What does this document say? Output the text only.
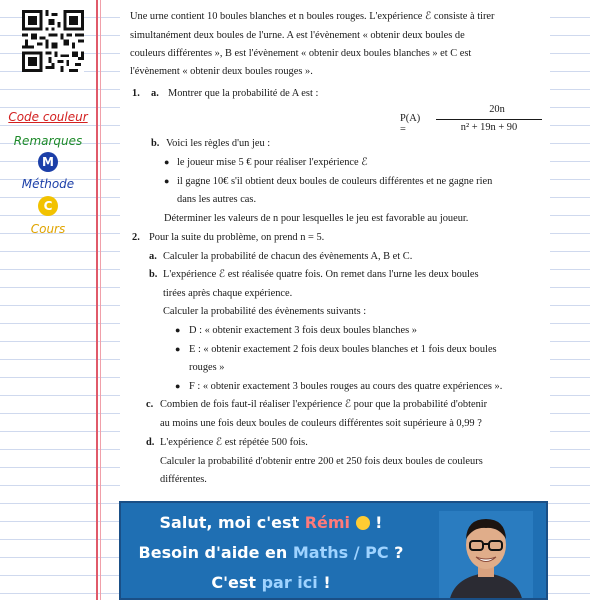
Code couleur
Remarques
M
Méthode
C
Cours
Une urne contient 10 boules blanches et n boules rouges. L'expérience ℰ consiste à tirer
simultanément deux boules de l'urne. A est l'évènement « obtenir deux boules de
couleurs différentes », B est l'évènement « obtenir deux boules blanches » et C est
l'évènement « obtenir deux boules rouges ».
1. a. Montrer que la probabilité de A est :
P(A) =
20n
n² + 19n + 90
b. Voici les règles d'un jeu :
● le joueur mise 5 € pour réaliser l'expérience ℰ
● il gagne 10€ s'il obtient deux boules de couleurs différentes et ne gagne rien
dans les autres cas.
Déterminer les valeurs de n pour lesquelles le jeu est favorable au joueur.
2. Pour la suite du problème, on prend n = 5.
a. Calculer la probabilité de chacun des évènements A, B et C.
b. L'expérience ℰ est réalisée quatre fois. On remet dans l'urne les deux boules
tirées après chaque expérience.
Calculer la probabilité des évènements suivants :
● D : « obtenir exactement 3 fois deux boules blanches »
● E : « obtenir exactement 2 fois deux boules blanches et 1 fois deux boules
rouges »
● F : « obtenir exactement 3 boules rouges au cours des quatre expériences ».
c. Combien de fois faut-il réaliser l'expérience ℰ pour que la probabilité d'obtenir
au moins une fois deux boules de couleurs différentes soit supérieure à 0,99 ?
d. L'expérience ℰ est répétée 500 fois.
Calculer la probabilité d'obtenir entre 200 et 250 fois deux boules de couleurs
différentes.
Salut, moi c'est Rémi  !
Besoin d'aide en Maths / PC ?
C'est par ici !
